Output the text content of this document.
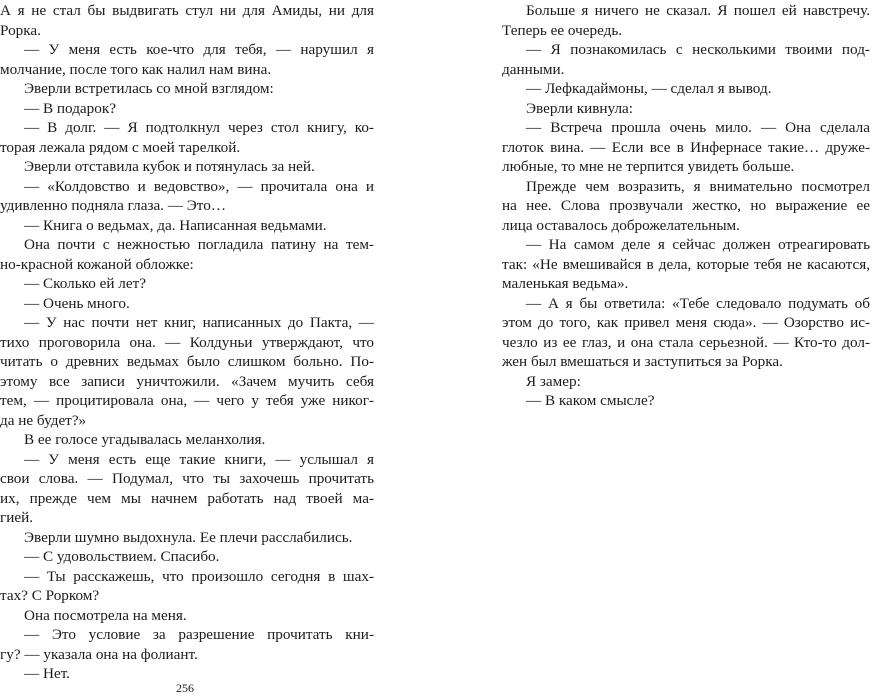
А я не стал бы выдвигать стул ни для Амиды, ни для
Рорка.
— У меня есть кое-что для тебя, — нарушил я
молчание, после того как налил нам вина.
Эверли встретилась со мной взглядом:
— В подарок?
— В долг. — Я подтолкнул через стол книгу, ко-
торая лежала рядом с моей тарелкой.
Эверли отставила кубок и потянулась за ней.
— «Колдовство и ведовство», — прочитала она и
удивленно подняла глаза. — Это…
— Книга о ведьмах, да. Написанная ведьмами.
Она почти с нежностью погладила патину на тем-
но-красной кожаной обложке:
— Сколько ей лет?
— Очень много.
— У нас почти нет книг, написанных до Пакта, —
тихо проговорила она. — Колдуньи утверждают, что
читать о древних ведьмах было слишком больно. По-
этому все записи уничтожили. «Зачем мучить себя
тем, — процитировала она, — чего у тебя уже никог-
да не будет?»
В ее голосе угадывалась меланхолия.
— У меня есть еще такие книги, — услышал я
свои слова. — Подумал, что ты захочешь прочитать
их, прежде чем мы начнем работать над твоей ма-
гией.
Эверли шумно выдохнула. Ее плечи расслабились.
— С удовольствием. Спасибо.
— Ты расскажешь, что произошло сегодня в шах-
тах? С Рорком?
Она посмотрела на меня.
— Это условие за разрешение прочитать кни-
гу? — указала она на фолиант.
— Нет.
Больше я ничего не сказал. Я пошел ей навстречу.
Теперь ее очередь.
— Я познакомилась с несколькими твоими под-
данными.
— Лефкадаймоны, — сделал я вывод.
Эверли кивнула:
— Встреча прошла очень мило. — Она сделала
глоток вина. — Если все в Инфернасе такие… друже-
любные, то мне не терпится увидеть больше.
Прежде чем возразить, я внимательно посмотрел
на нее. Слова прозвучали жестко, но выражение ее
лица оставалось доброжелательным.
— На самом деле я сейчас должен отреагировать
так: «Не вмешивайся в дела, которые тебя не касаются,
маленькая ведьма».
— А я бы ответила: «Тебе следовало подумать об
этом до того, как привел меня сюда». — Озорство ис-
чезло из ее глаз, и она стала серьезной. — Кто-то дол-
жен был вмешаться и заступиться за Рорка.
Я замер:
— В каком смысле?
256
